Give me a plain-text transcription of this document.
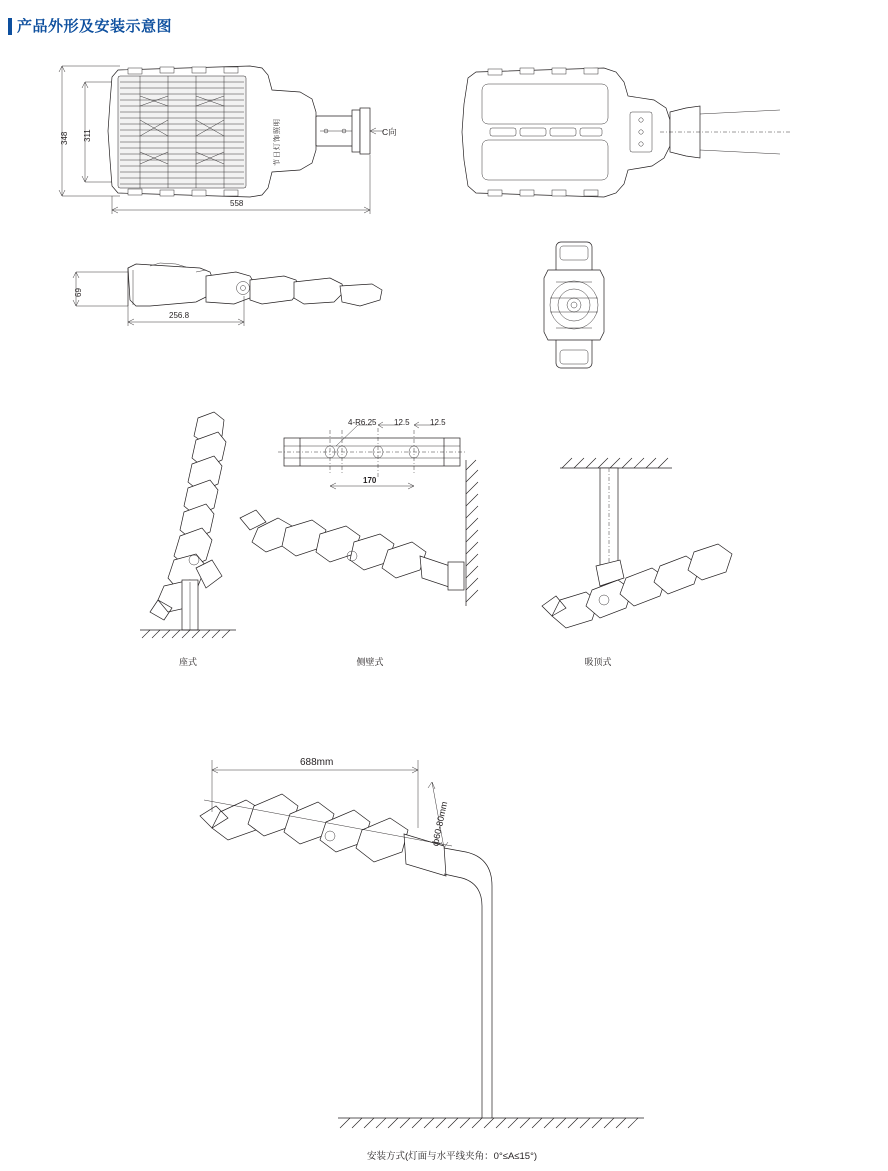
产品外形及安装示意图
348 311
558
C向
节日灯饰照明
69
256.8
4-R6.25 12.5	12.5
170
座式	侧壁式	吸顶式
688mm
ф60-80mm
安装方式(灯面与水平线夹角：0°≤A≤15°)
